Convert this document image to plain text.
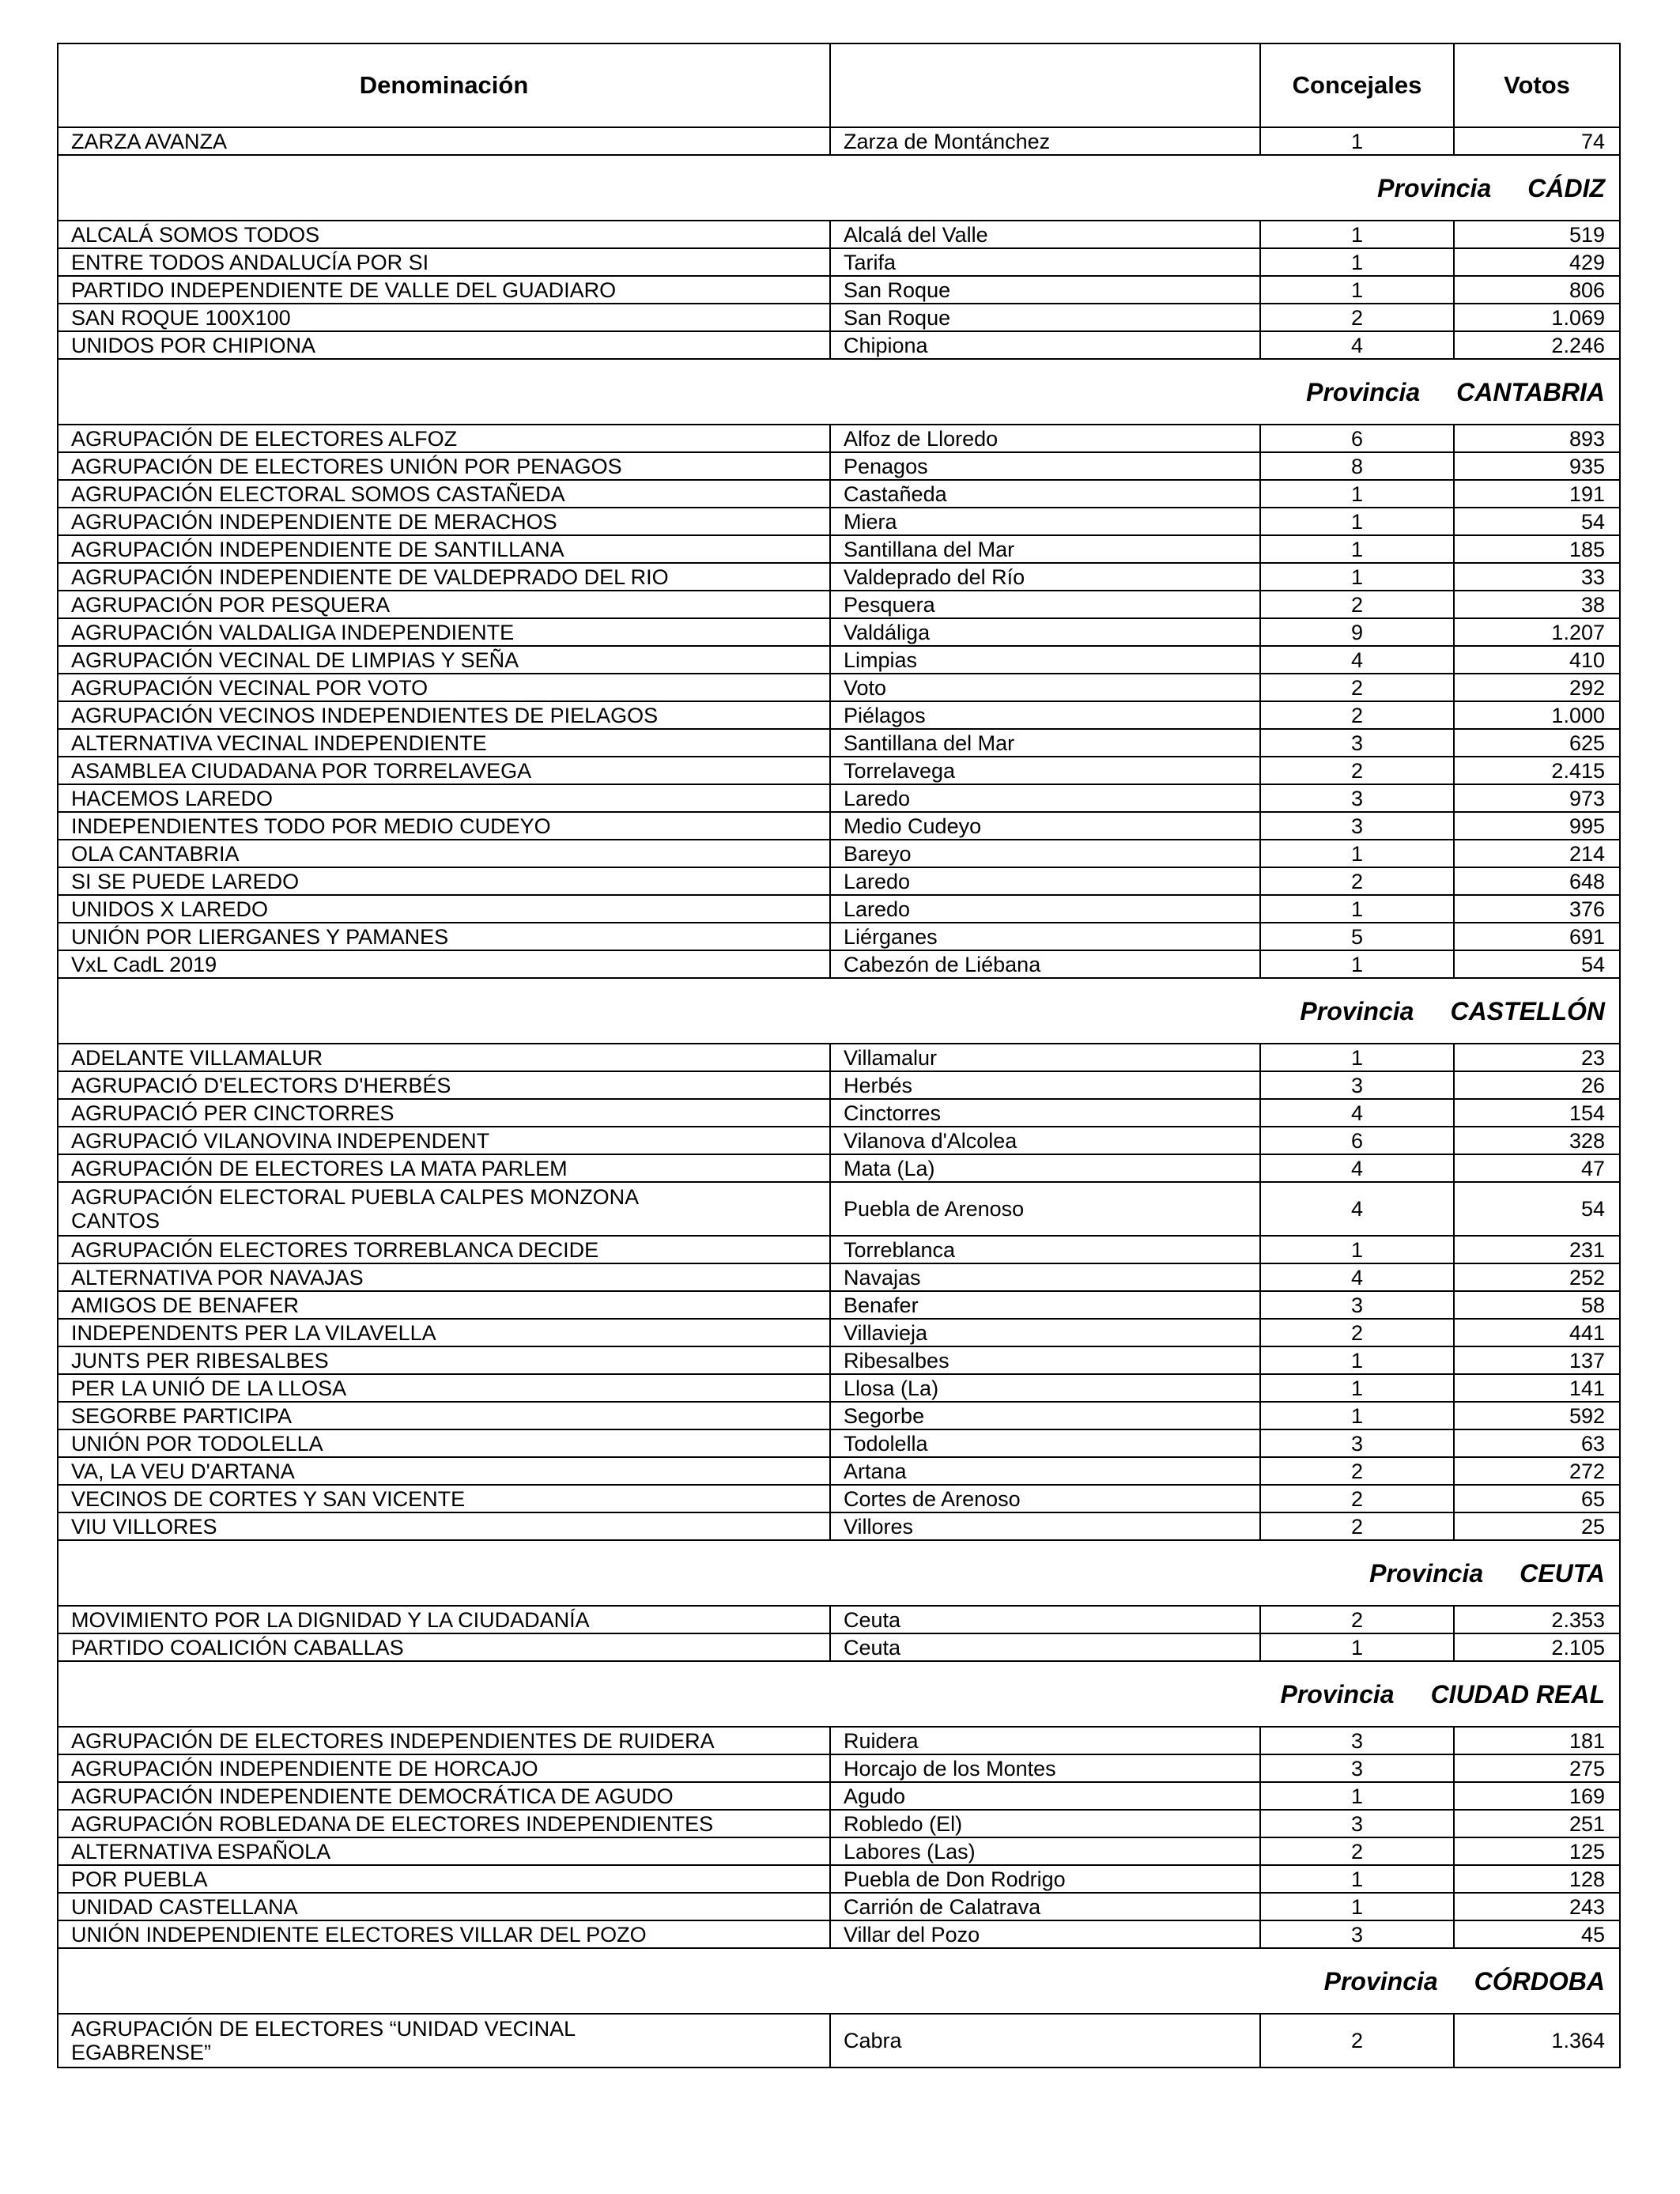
Denominación		Concejales	Votos
ZARZA AVANZA	Zarza de Montánchez	1	74
Provincia CÁDIZ			
ALCALÁ SOMOS TODOS	Alcalá del Valle	1	519
ENTRE TODOS ANDALUCÍA POR SI	Tarifa	1	429
PARTIDO INDEPENDIENTE DE VALLE DEL GUADIARO	San Roque	1	806
SAN ROQUE 100X100	San Roque	2	1.069
UNIDOS POR CHIPIONA	Chipiona	4	2.246
Provincia CANTABRIA			
AGRUPACIÓN DE ELECTORES ALFOZ	Alfoz de Lloredo	6	893
AGRUPACIÓN DE ELECTORES UNIÓN POR PENAGOS	Penagos	8	935
AGRUPACIÓN ELECTORAL SOMOS CASTAÑEDA	Castañeda	1	191
AGRUPACIÓN INDEPENDIENTE DE MERACHOS	Miera	1	54
AGRUPACIÓN INDEPENDIENTE DE SANTILLANA	Santillana del Mar	1	185
AGRUPACIÓN INDEPENDIENTE DE VALDEPRADO DEL RIO	Valdeprado del Río	1	33
AGRUPACIÓN POR PESQUERA	Pesquera	2	38
AGRUPACIÓN VALDALIGA INDEPENDIENTE	Valdáliga	9	1.207
AGRUPACIÓN VECINAL DE LIMPIAS Y SEÑA	Limpias	4	410
AGRUPACIÓN VECINAL POR VOTO	Voto	2	292
AGRUPACIÓN VECINOS INDEPENDIENTES DE PIELAGOS	Piélagos	2	1.000
ALTERNATIVA VECINAL INDEPENDIENTE	Santillana del Mar	3	625
ASAMBLEA CIUDADANA POR TORRELAVEGA	Torrelavega	2	2.415
HACEMOS LAREDO	Laredo	3	973
INDEPENDIENTES TODO POR MEDIO CUDEYO	Medio Cudeyo	3	995
OLA CANTABRIA	Bareyo	1	214
SI SE PUEDE LAREDO	Laredo	2	648
UNIDOS X LAREDO	Laredo	1	376
UNIÓN POR LIERGANES Y PAMANES	Liérganes	5	691
VxL CadL 2019	Cabezón de Liébana	1	54
Provincia CASTELLÓN			
ADELANTE VILLAMALUR	Villamalur	1	23
AGRUPACIÓ D'ELECTORS D'HERBÉS	Herbés	3	26
AGRUPACIÓ PER CINCTORRES	Cinctorres	4	154
AGRUPACIÓ VILANOVINA INDEPENDENT	Vilanova d'Alcolea	6	328
AGRUPACIÓN DE ELECTORES LA MATA PARLEM	Mata (La)	4	47

AGRUPACIÓN ELECTORAL PUEBLA CALPES MONZONA
CANTOS	Puebla de Arenoso	4	54
AGRUPACIÓN ELECTORES TORREBLANCA DECIDE	Torreblanca	1	231
ALTERNATIVA POR NAVAJAS	Navajas	4	252
AMIGOS DE BENAFER	Benafer	3	58
INDEPENDENTS PER LA VILAVELLA	Villavieja	2	441
JUNTS PER RIBESALBES	Ribesalbes	1	137
PER LA UNIÓ DE LA LLOSA	Llosa (La)	1	141
SEGORBE PARTICIPA	Segorbe	1	592
UNIÓN POR TODOLELLA	Todolella	3	63
VA, LA VEU D'ARTANA	Artana	2	272
VECINOS DE CORTES Y SAN VICENTE	Cortes de Arenoso	2	65
VIU VILLORES	Villores	2	25
Provincia CEUTA			
MOVIMIENTO POR LA DIGNIDAD Y LA CIUDADANÍA	Ceuta	2	2.353
PARTIDO COALICIÓN CABALLAS	Ceuta	1	2.105
Provincia CIUDAD REAL			
AGRUPACIÓN DE ELECTORES INDEPENDIENTES DE RUIDERA	Ruidera	3	181
AGRUPACIÓN INDEPENDIENTE DE HORCAJO	Horcajo de los Montes	3	275
AGRUPACIÓN INDEPENDIENTE DEMOCRÁTICA DE AGUDO	Agudo	1	169
AGRUPACIÓN ROBLEDANA DE ELECTORES INDEPENDIENTES	Robledo (El)	3	251
ALTERNATIVA ESPAÑOLA	Labores (Las)	2	125
POR PUEBLA	Puebla de Don Rodrigo	1	128
UNIDAD CASTELLANA	Carrión de Calatrava	1	243
UNIÓN INDEPENDIENTE ELECTORES VILLAR DEL POZO	Villar del Pozo	3	45
Provincia CÓRDOBA			

AGRUPACIÓN DE ELECTORES “UNIDAD VECINAL
EGABRENSE”	Cabra	2	1.364
